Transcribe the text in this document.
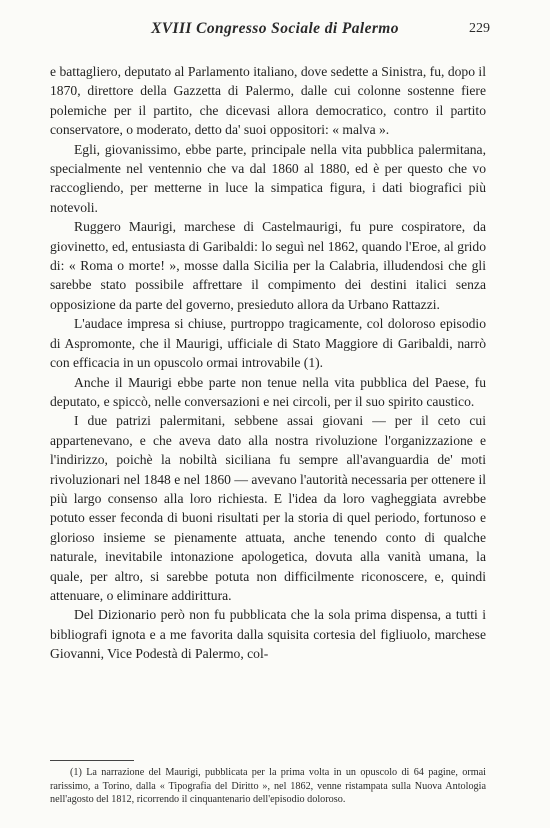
XVIII Congresso Sociale di Palermo	229

e battagliero, deputato al Parlamento italiano, dove sedette a Sinistra, fu, dopo il 1870, direttore della Gazzetta di Palermo, dalle cui colonne sostenne fiere polemiche per il partito, che dicevasi allora democratico, contro il partito conservatore, o moderato, detto da' suoi oppositori: « malva ».

Egli, giovanissimo, ebbe parte, principale nella vita pubblica palermitana, specialmente nel ventennio che va dal 1860 al 1880, ed è per questo che vo raccogliendo, per metterne in luce la simpatica figura, i dati biografici più notevoli.

Ruggero Maurigi, marchese di Castelmaurigi, fu pure cospiratore, da giovinetto, ed, entusiasta di Garibaldi: lo seguì nel 1862, quando l'Eroe, al grido di: « Roma o morte! », mosse dalla Sicilia per la Calabria, illudendosi che gli sarebbe stato possibile affrettare il compimento dei destini italici senza opposizione da parte del governo, presieduto allora da Urbano Rattazzi.

L'audace impresa si chiuse, purtroppo tragicamente, col doloroso episodio di Aspromonte, che il Maurigi, ufficiale di Stato Maggiore di Garibaldi, narrò con efficacia in un opuscolo ormai introvabile (1).

Anche il Maurigi ebbe parte non tenue nella vita pubblica del Paese, fu deputato, e spiccò, nelle conversazioni e nei circoli, per il suo spirito caustico.

I due patrizi palermitani, sebbene assai giovani — per il ceto cui appartenevano, e che aveva dato alla nostra rivoluzione l'organizzazione e l'indirizzo, poichè la nobiltà siciliana fu sempre all'avanguardia de' moti rivoluzionari nel 1848 e nel 1860 — avevano l'autorità necessaria per ottenere il più largo consenso alla loro richiesta. E l'idea da loro vagheggiata avrebbe potuto esser feconda di buoni risultati per la storia di quel periodo, fortunoso e glorioso insieme se pienamente attuata, anche tenendo conto di qualche naturale, inevitabile intonazione apologetica, dovuta alla vanità umana, la quale, per altro, si sarebbe potuta non difficilmente riconoscere, e, quindi attenuare, o eliminare addirittura.

Del Dizionario però non fu pubblicata che la sola prima dispensa, a tutti i bibliografi ignota e a me favorita dalla squisita cortesia del figliuolo, marchese Giovanni, Vice Podestà di Palermo, col-

(1) La narrazione del Maurigi, pubblicata per la prima volta in un opuscolo di 64 pagine, ormai rarissimo, a Torino, dalla « Tipografia del Diritto », nel 1862, venne ristampata sulla Nuova Antologia nell'agosto del 1812, ricorrendo il cinquantenario dell'episodio doloroso.
